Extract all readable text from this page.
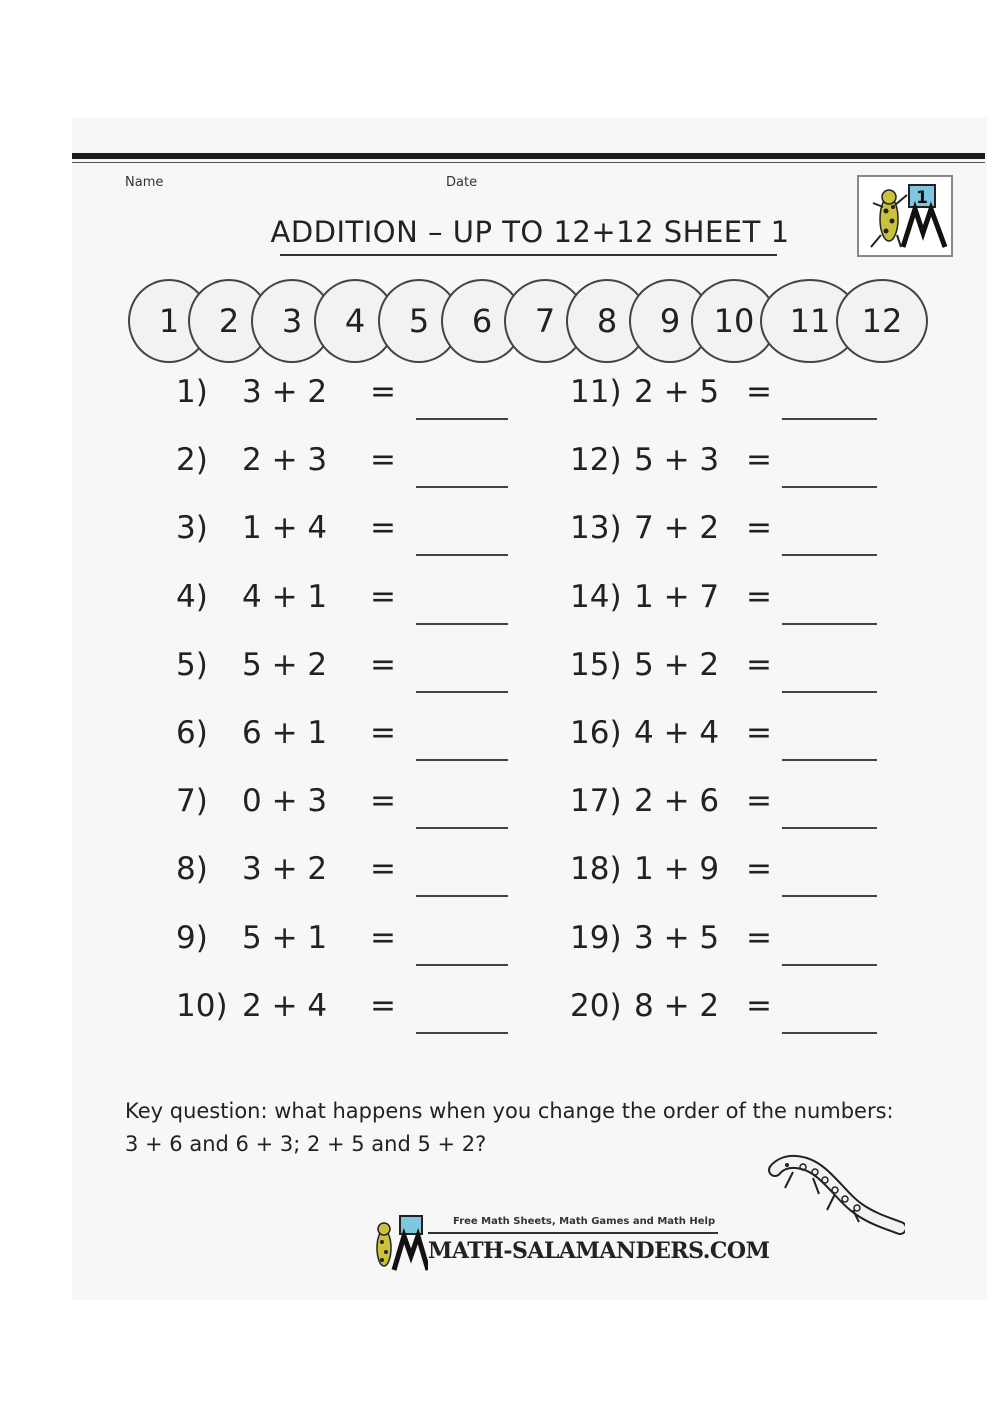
Name	Date
ADDITION – UP TO 12+12 SHEET 1
1
1	2	3	4	5	6	7	8	9	10	11 12
1) 3 + 2 =
2) 2 + 3 =
3) 1 + 4 =
4) 4 + 1 =
5) 5 + 2 =
6) 6 + 1 =
7) 0 + 3 =
8) 3 + 2 =
9) 5 + 1 =
10) 2 + 4 =
11) 2 + 5 =
12) 5 + 3 =
13) 7 + 2 =
14) 1 + 7 =
15) 5 + 2 =
16) 4 + 4 =
17) 2 + 6 =
18) 1 + 9 =
19) 3 + 5 =
20) 8 + 2 =
Key question: what happens when you change the order of the numbers:
3 + 6 and 6 + 3; 2 + 5 and 5 + 2?
Free Math Sheets, Math Games and Math Help
MATH-SALAMANDERS.COM
